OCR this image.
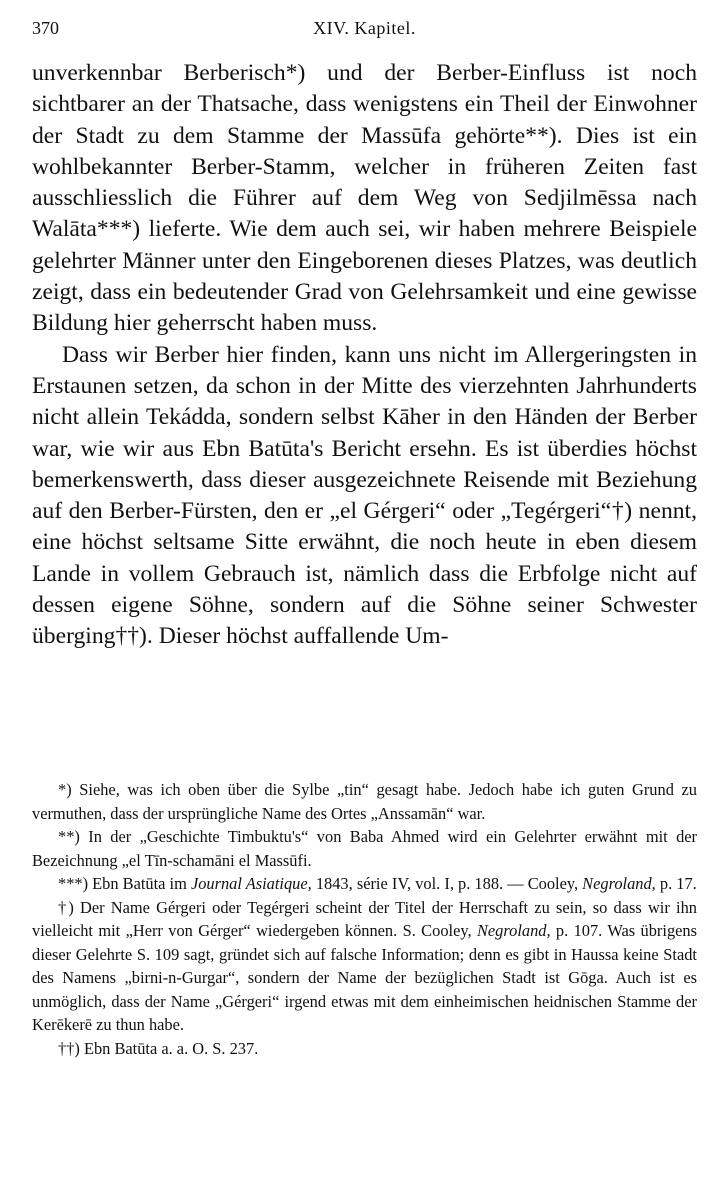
370	XIV. Kapitel.

unverkennbar Berberisch*) und der Berber-Einfluss ist noch sichtbarer an der Thatsache, dass wenigstens ein Theil der Einwohner der Stadt zu dem Stamme der Massūfa gehörte**). Dies ist ein wohlbekannter Berber-Stamm, welcher in früheren Zeiten fast ausschliesslich die Führer auf dem Weg von Sedjilmēssa nach Walāta***) lieferte. Wie dem auch sei, wir haben mehrere Beispiele gelehrter Männer unter den Eingeborenen dieses Platzes, was deutlich zeigt, dass ein bedeutender Grad von Gelehrsamkeit und eine gewisse Bildung hier geherrscht haben muss.

Dass wir Berber hier finden, kann uns nicht im Allergeringsten in Erstaunen setzen, da schon in der Mitte des vierzehnten Jahrhunderts nicht allein Tekádda, sondern selbst Kāher in den Händen der Berber war, wie wir aus Ebn Batūta's Bericht ersehn. Es ist überdies höchst bemerkenswerth, dass dieser ausgezeichnete Reisende mit Beziehung auf den Berber-Fürsten, den er „el Gérgeri“ oder „Tegérgeri“†) nennt, eine höchst seltsame Sitte erwähnt, die noch heute in eben diesem Lande in vollem Gebrauch ist, nämlich dass die Erbfolge nicht auf dessen eigene Söhne, sondern auf die Söhne seiner Schwester überging††). Dieser höchst auffallende Um-

*) Siehe, was ich oben über die Sylbe „tin“ gesagt habe. Jedoch habe ich guten Grund zu vermuthen, dass der ursprüngliche Name des Ortes „Anssamān“ war.

**) In der „Geschichte Timbuktu's“ von Baba Ahmed wird ein Gelehrter erwähnt mit der Bezeichnung „el Tīn-schamāni el Massūfi.

***) Ebn Batūta im Journal Asiatique, 1843, série IV, vol. I, p. 188. — Cooley, Negroland, p. 17.

†) Der Name Gérgeri oder Tegérgeri scheint der Titel der Herrschaft zu sein, so dass wir ihn vielleicht mit „Herr von Gérger“ wiedergeben können. S. Cooley, Negroland, p. 107. Was übrigens dieser Gelehrte S. 109 sagt, gründet sich auf falsche Information; denn es gibt in Haussa keine Stadt des Namens „birni-n-Gurgar“, sondern der Name der bezüglichen Stadt ist Gōga. Auch ist es unmöglich, dass der Name „Gérgeri“ irgend etwas mit dem einheimischen heidnischen Stamme der Kerēkerē zu thun habe.

††) Ebn Batūta a. a. O. S. 237.
